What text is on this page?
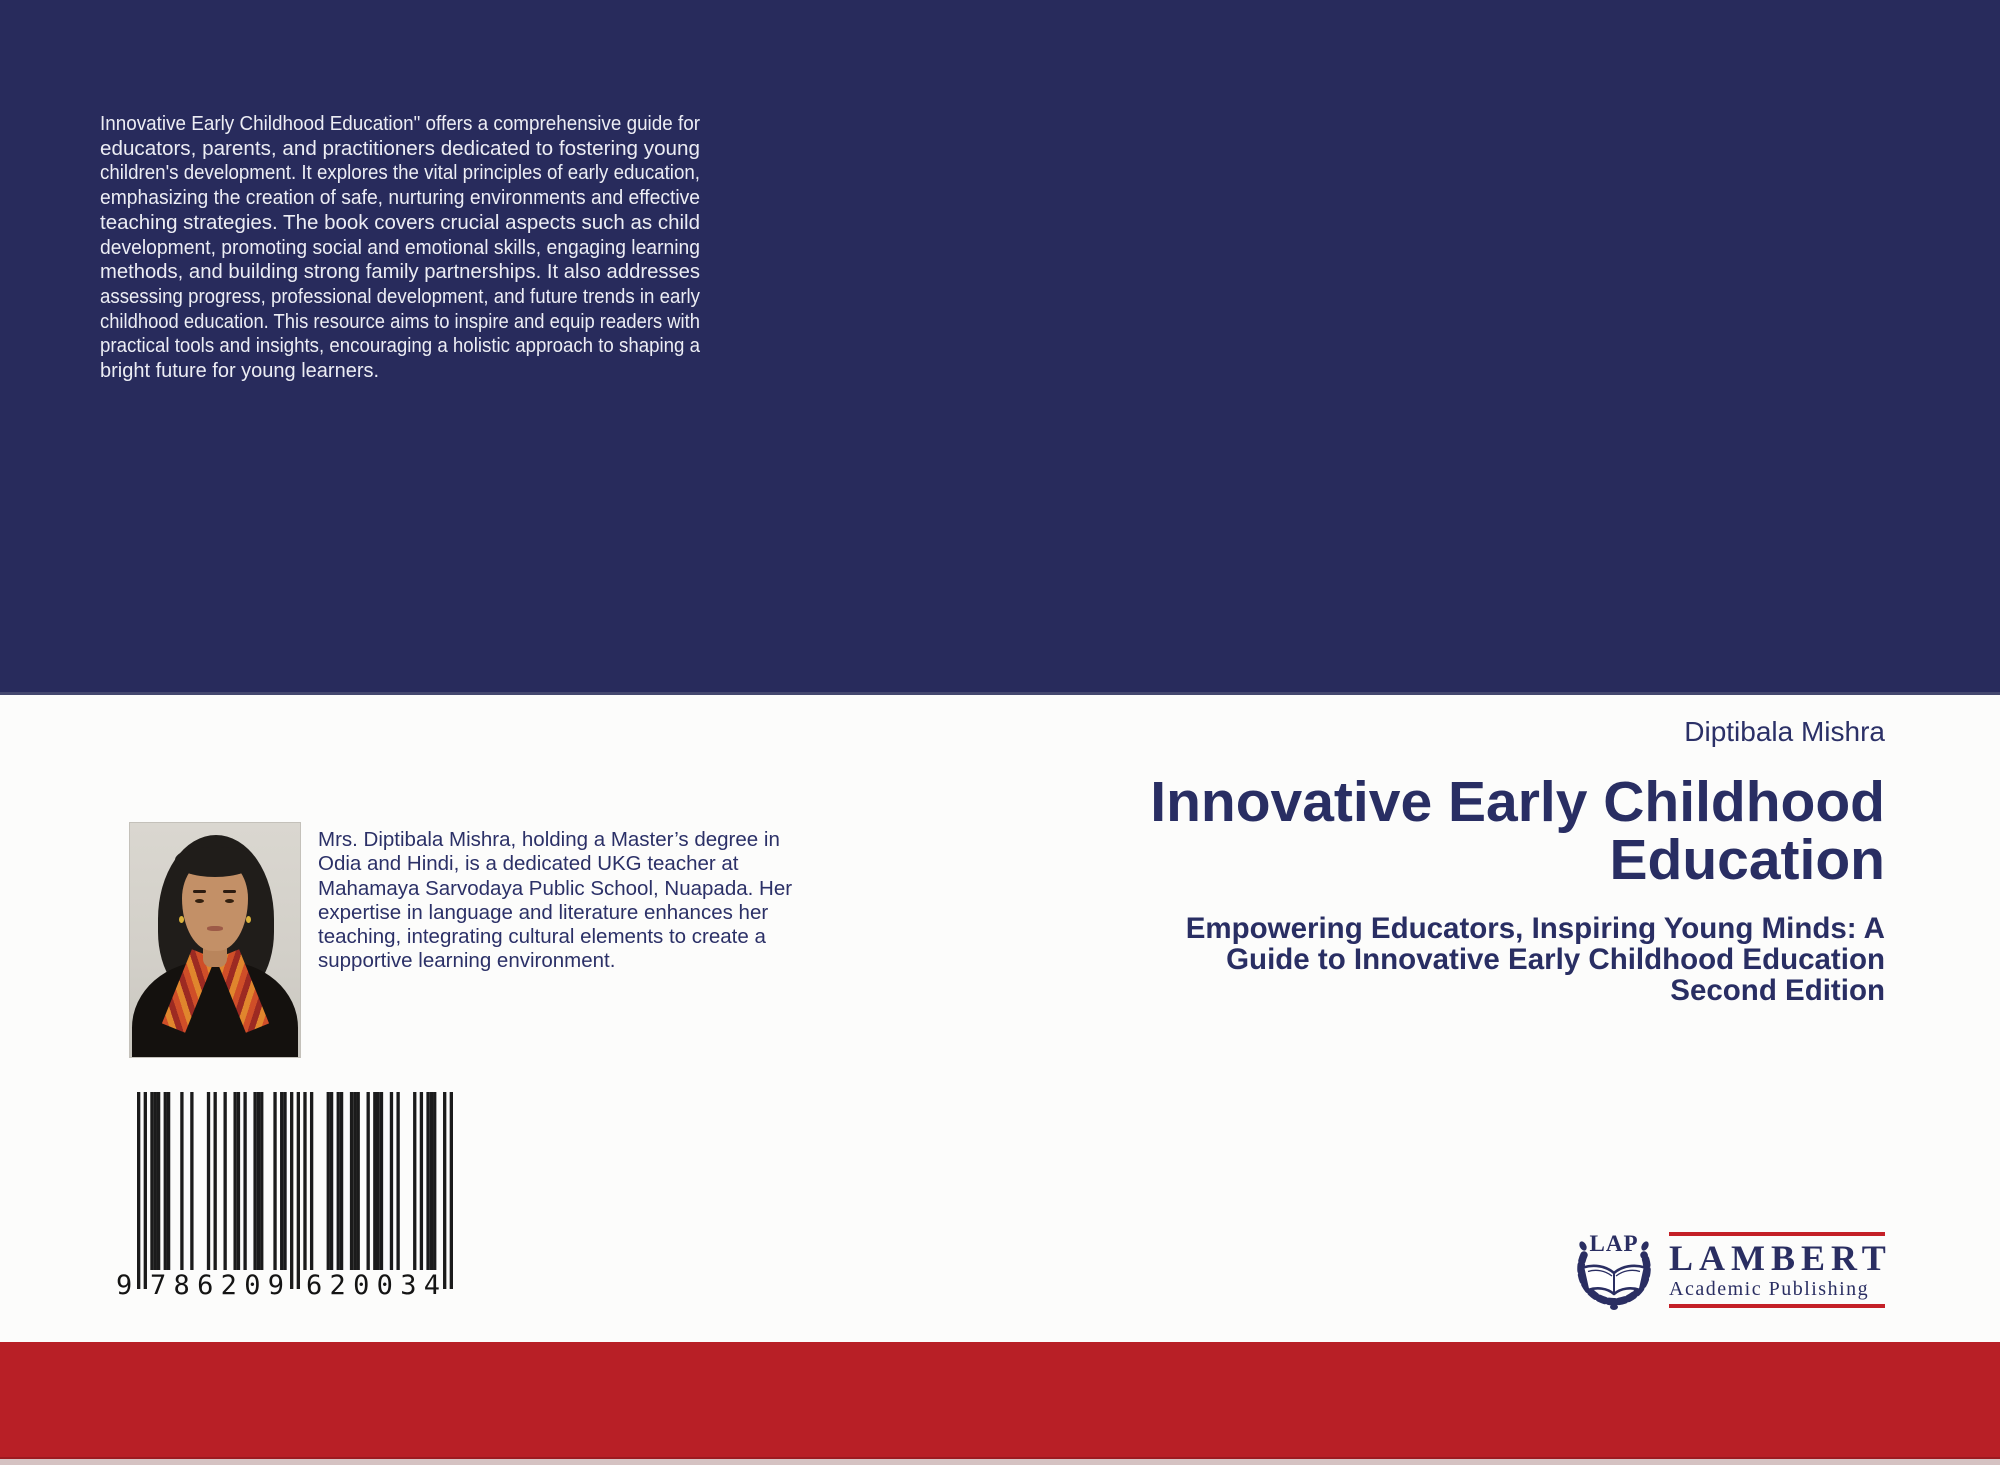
Innovative Early Childhood Education" offers a comprehensive guide for
educators, parents, and practitioners dedicated to fostering young
children's development. It explores the vital principles of early education,
emphasizing the creation of safe, nurturing environments and effective
teaching strategies. The book covers crucial aspects such as child
development, promoting social and emotional skills, engaging learning
methods, and building strong family partnerships. It also addresses
assessing progress, professional development, and future trends in early
childhood education. This resource aims to inspire and equip readers with
practical tools and insights, encouraging a holistic approach to shaping a
bright future for young learners.
Mrs. Diptibala Mishra, holding a Master’s degree in
Odia and Hindi, is a dedicated UKG teacher at
Mahamaya Sarvodaya Public School, Nuapada. Her
expertise in language and literature enhances her
teaching, integrating cultural elements to create a
supportive learning environment.
9 7 8 6 2 0 9 6 2 0 0 3 4
Diptibala Mishra
Innovative Early Childhood
Education
Empowering Educators, Inspiring Young Minds: A
Guide to Innovative Early Childhood Education
Second Edition
LAP LAMBERT
Academic Publishing
